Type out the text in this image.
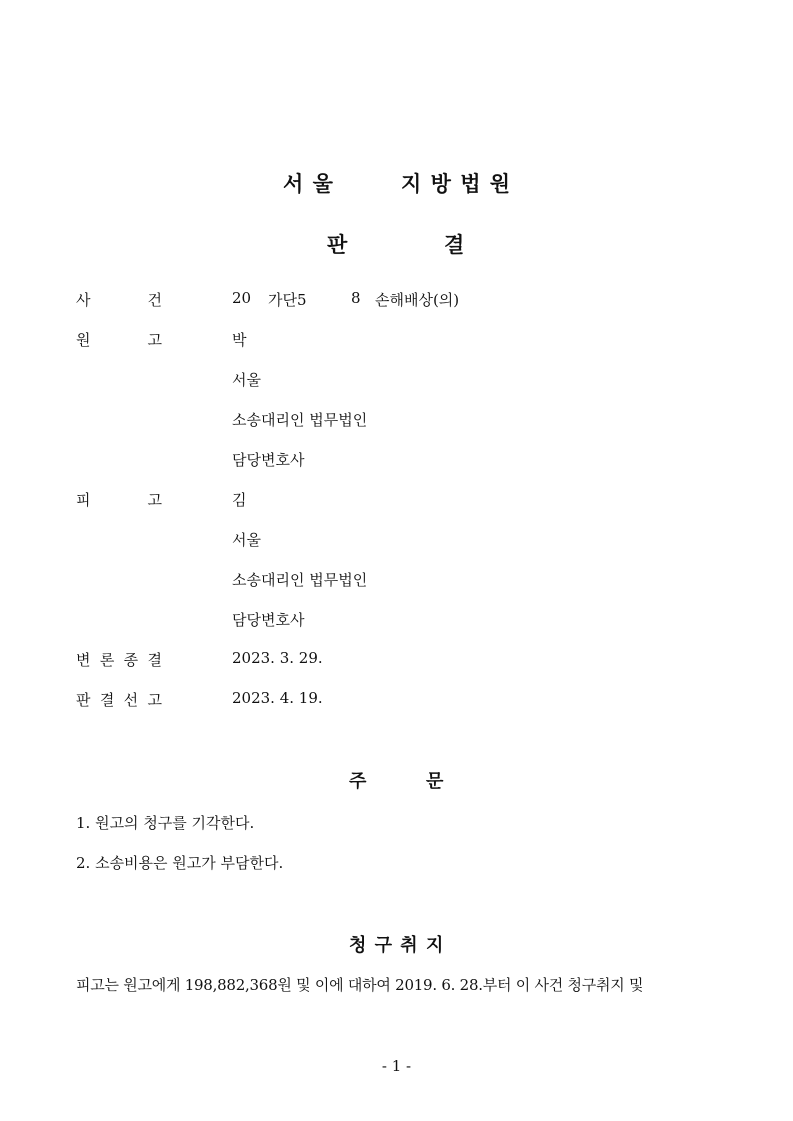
서 울	지 방 법 원
판	결
사	건	20 가단5	8 손해배상(의)
원	고	박
서울
소송대리인 법무법인
담당변호사
피	고	김
서울
소송대리인 법무법인
담당변호사
변 론 종 결	2023. 3. 29.
판 결 선 고	2023. 4. 19.
주	문
1. 원고의 청구를 기각한다.
2. 소송비용은 원고가 부담한다.
청 구 취 지
피고는 원고에게 198,882,368원 및 이에 대하여 2019. 6. 28.부터 이 사건 청구취지 및
- 1 -
